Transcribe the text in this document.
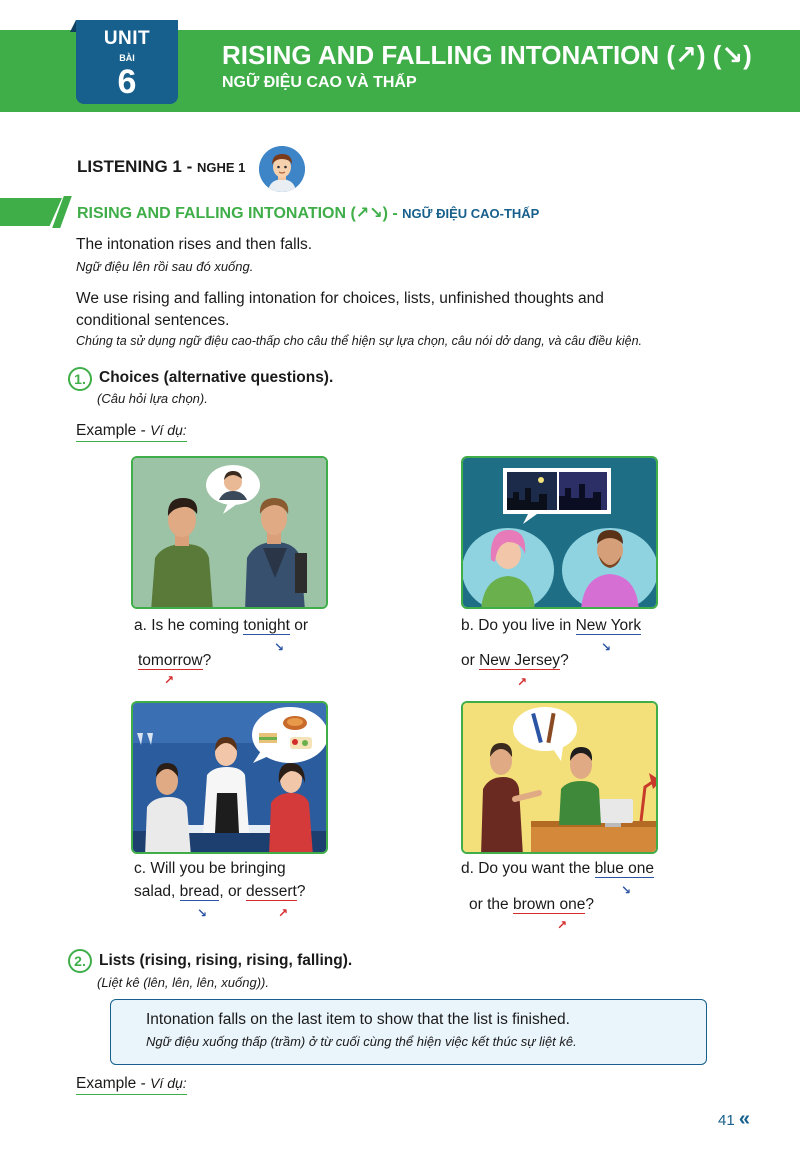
UNIT
BÀI
6
RISING AND FALLING INTONATION (↗) (↘)
NGỮ ĐIỆU CAO VÀ THẤP
LISTENING 1 - NGHE 1
RISING AND FALLING INTONATION (↗↘) - NGỮ ĐIỆU CAO-THẤP
The intonation rises and then falls.
Ngữ điệu lên rồi sau đó xuống.
We use rising and falling intonation for choices, lists, unfinished thoughts and
conditional sentences.
Chúng ta sử dụng ngữ điệu cao-thấp cho câu thể hiện sự lựa chọn, câu nói dở dang, và câu điều kiện.
1. Choices (alternative questions).
(Câu hỏi lựa chọn).
Example - Ví dụ:
a. Is he coming tonight or
↘
tomorrow?
↗
b. Do you live in New York
↘
or New Jersey?
↗
c. Will you be bringing
salad, bread, or dessert?
↘	↗
d. Do you want the blue one
↘
or the brown one?
↗
2. Lists (rising, rising, rising, falling).
(Liệt kê (lên, lên, lên, xuống)).
Intonation falls on the last item to show that the list is finished.
Ngữ điệu xuống thấp (trầm) ở từ cuối cùng thể hiện việc kết thúc sự liệt kê.
Example - Ví dụ:
41 «
